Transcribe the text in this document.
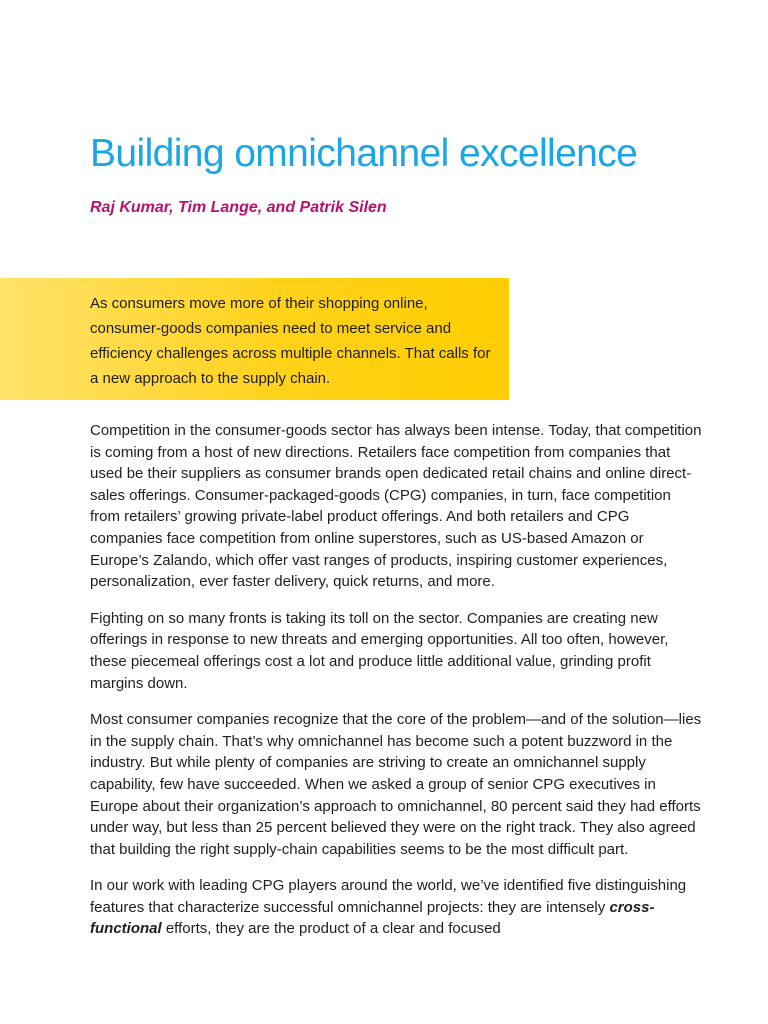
Building omnichannel excellence

Raj Kumar, Tim Lange, and Patrik Silen

As consumers move more of their shopping online, consumer-goods companies need to meet service and efficiency challenges across multiple channels. That calls for a new approach to the supply chain.

Competition in the consumer-goods sector has always been intense. Today, that competition is coming from a host of new directions. Retailers face competition from companies that used be their suppliers as consumer brands open dedicated retail chains and online direct-sales offerings. Consumer-packaged-goods (CPG) companies, in turn, face competition from retailers’ growing private-label product offerings. And both retailers and CPG companies face competition from online superstores, such as US-based Amazon or Europe’s Zalando, which offer vast ranges of products, inspiring customer experiences, personalization, ever faster delivery, quick returns, and more.

Fighting on so many fronts is taking its toll on the sector. Companies are creating new offerings in response to new threats and emerging opportunities. All too often, however, these piecemeal offerings cost a lot and produce little additional value, grinding profit margins down.

Most consumer companies recognize that the core of the problem—and of the solution—lies in the supply chain. That’s why omnichannel has become such a potent buzzword in the industry. But while plenty of companies are striving to create an omnichannel supply capability, few have succeeded. When we asked a group of senior CPG executives in Europe about their organization’s approach to omnichannel, 80 percent said they had efforts under way, but less than 25 percent believed they were on the right track. They also agreed that building the right supply-chain capabilities seems to be the most difficult part.

In our work with leading CPG players around the world, we’ve identified five distinguishing features that characterize successful omnichannel projects: they are intensely cross-functional efforts, they are the product of a clear and focused
